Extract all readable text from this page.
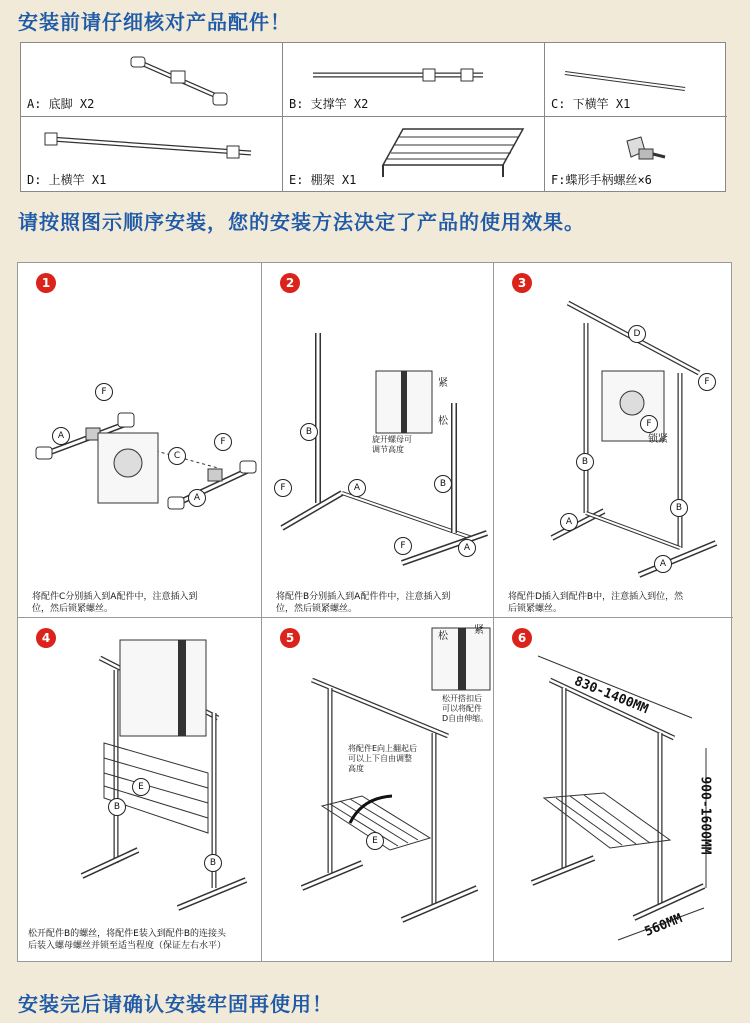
安装前请仔细核对产品配件！
A: 底脚 X2	B: 支撑竿 X2	C: 下横竿 X1
D: 上横竿 X1	E: 棚架 X1	F:蝶形手柄螺丝×6
请按照图示顺序安装，您的安装方法决定了产品的使用效果。
1
F
A
C
F
A
将配件C分别插入到A配件中，注意插入到
位，然后锁紧螺丝。
2
B
F	A	B
F	A
紧
松
旋开螺母可
调节高度
将配件B分别插入到A配件件中，注意插入到
位，然后锁紧螺丝。
3
D
F
F
B
B
A
A
锁紧
将配件D插入到配件B中，注意插入到位，然
后锁紧螺丝。
4
E
B
B
松开配件B的螺丝，将配件E装入到配件B的连接头
后装入螺母螺丝并锁至适当程度（保证左右水平）
5	松
紧
松开搭扣后
可以将配件
D自由伸缩。
将配件E向上翻起后
可以上下自由调整
高度
E
6
830-1400MM
900-1600MM
560MM
安装完后请确认安装牢固再使用！
